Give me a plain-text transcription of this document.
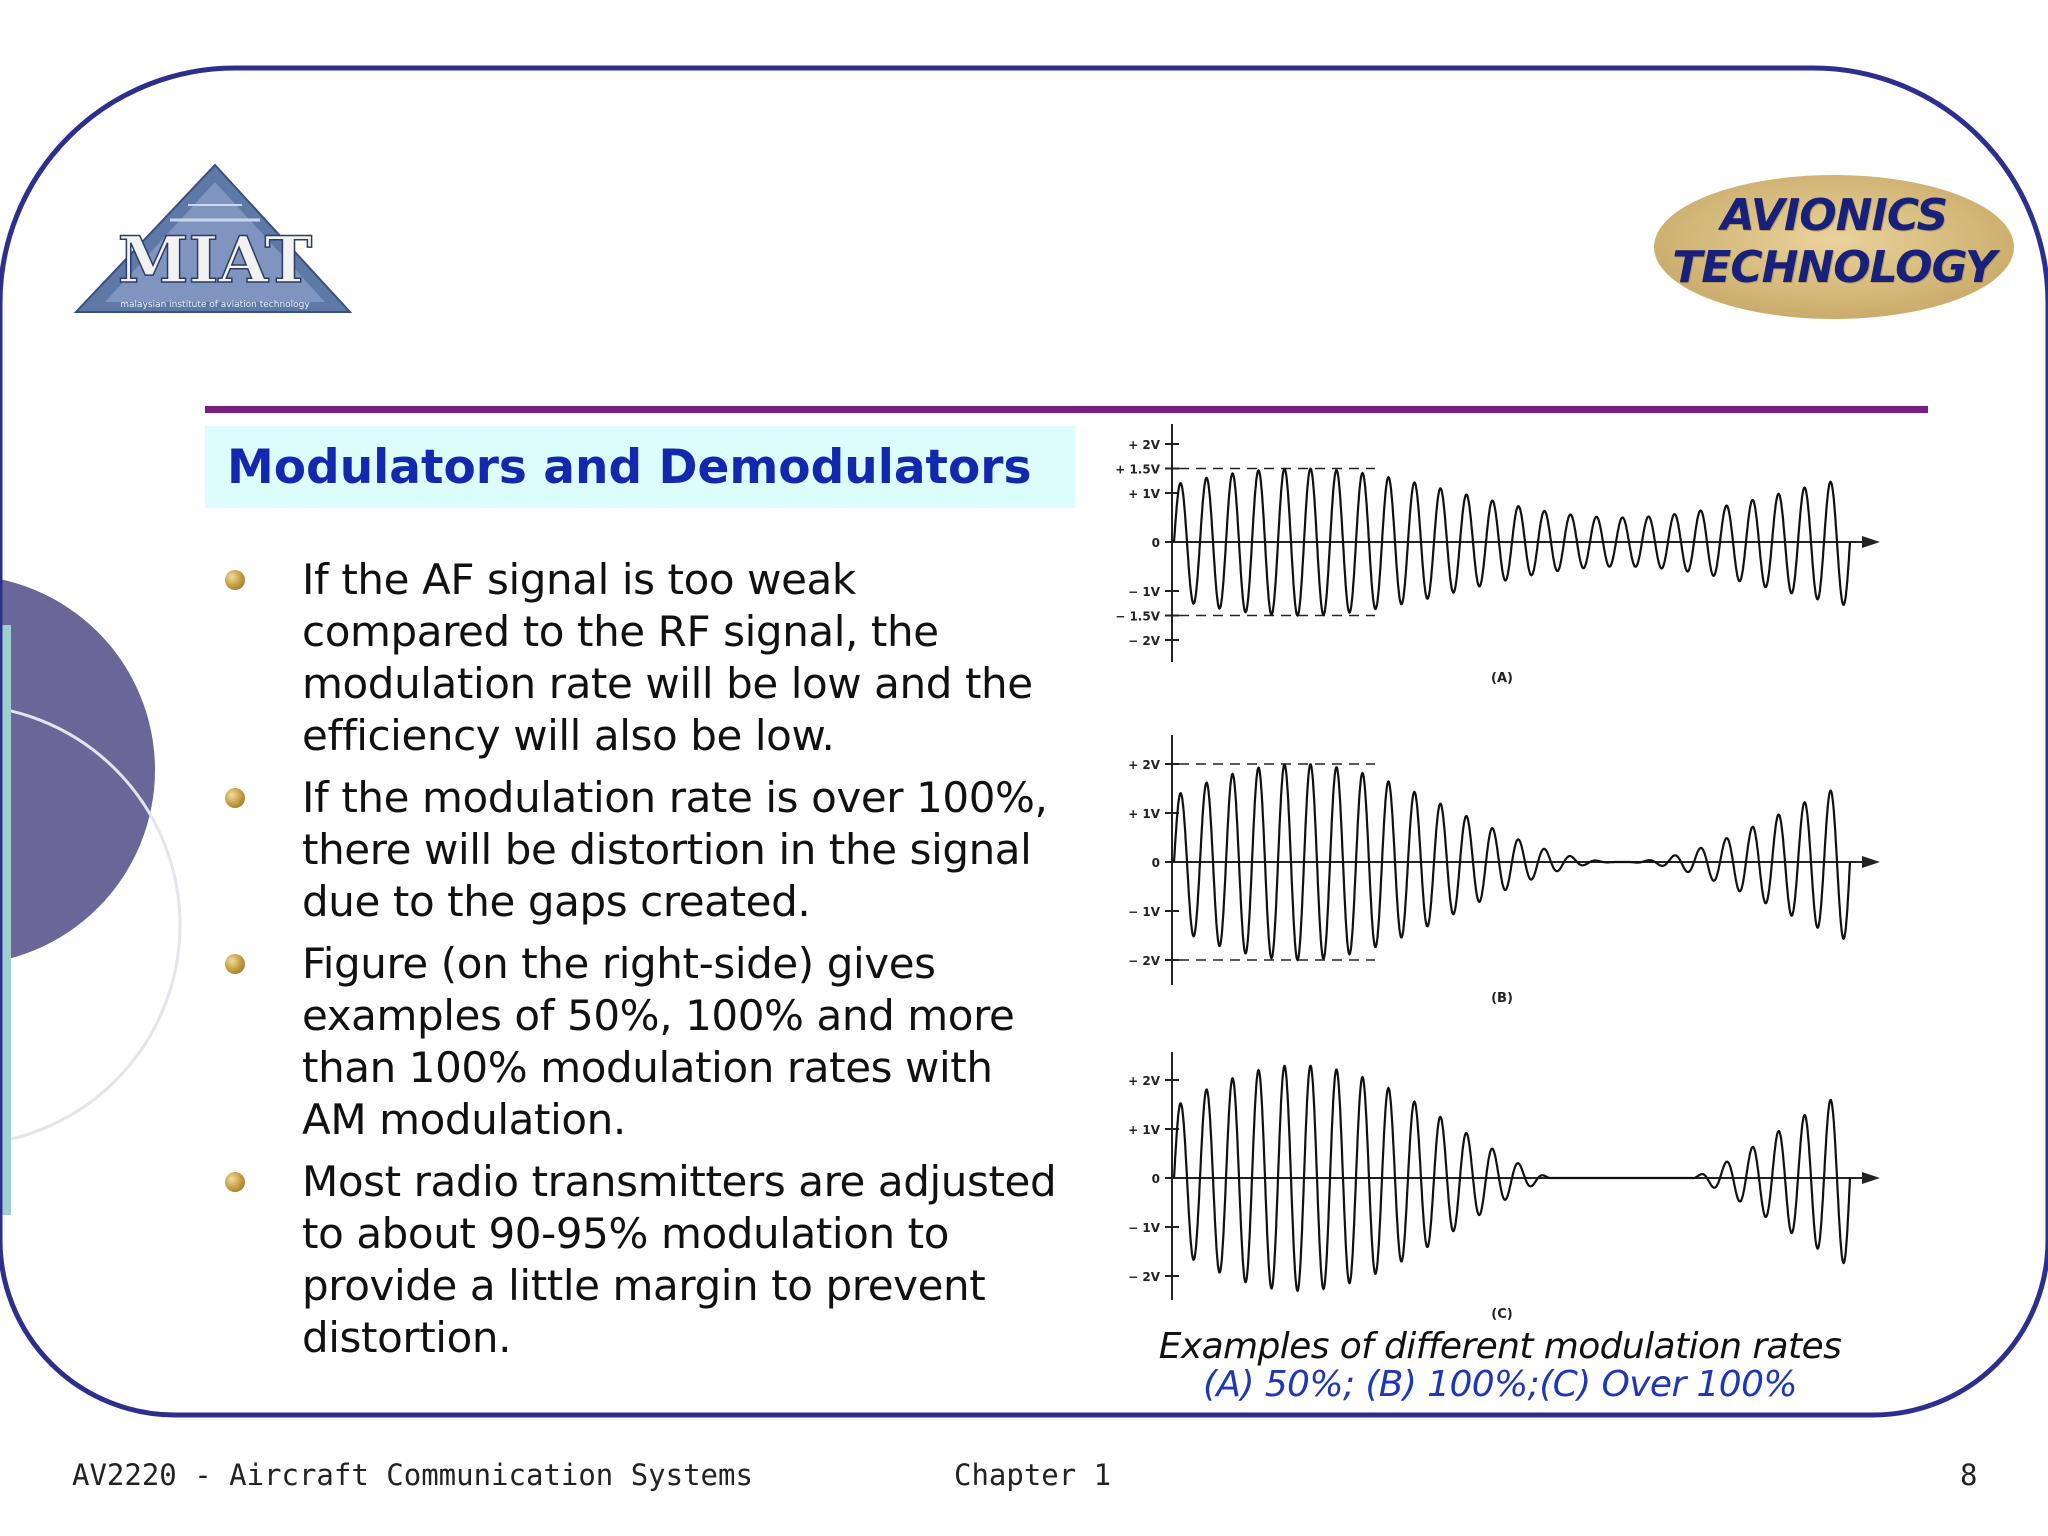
MIAT
malaysian institute of aviation technology
AVIONICS
TECHNOLOGY
Modulators and Demodulators
If the AF signal is too weak compared to the RF signal, the modulation rate will be low and the efficiency will also be low.
If the modulation rate is over 100%, there will be distortion in the signal due to the gaps created.
Figure (on the right-side) gives examples of 50%, 100% and more than 100% modulation rates with AM modulation.
Most radio transmitters are adjusted to about 90‐95% modulation to provide a little margin to prevent distortion.
+ 2V
+ 1.5V
+ 1V
0
− 1V
− 1.5V
− 2V
(A)
+ 2V
+ 1V
0
− 1V
− 2V
(B)
+ 2V
+ 1V
0
− 1V
− 2V
(C)
Examples of different modulation rates
(A) 50%; (B) 100%;(C) Over 100%
AV2220 - Aircraft Communication Systems	Chapter 1	8
